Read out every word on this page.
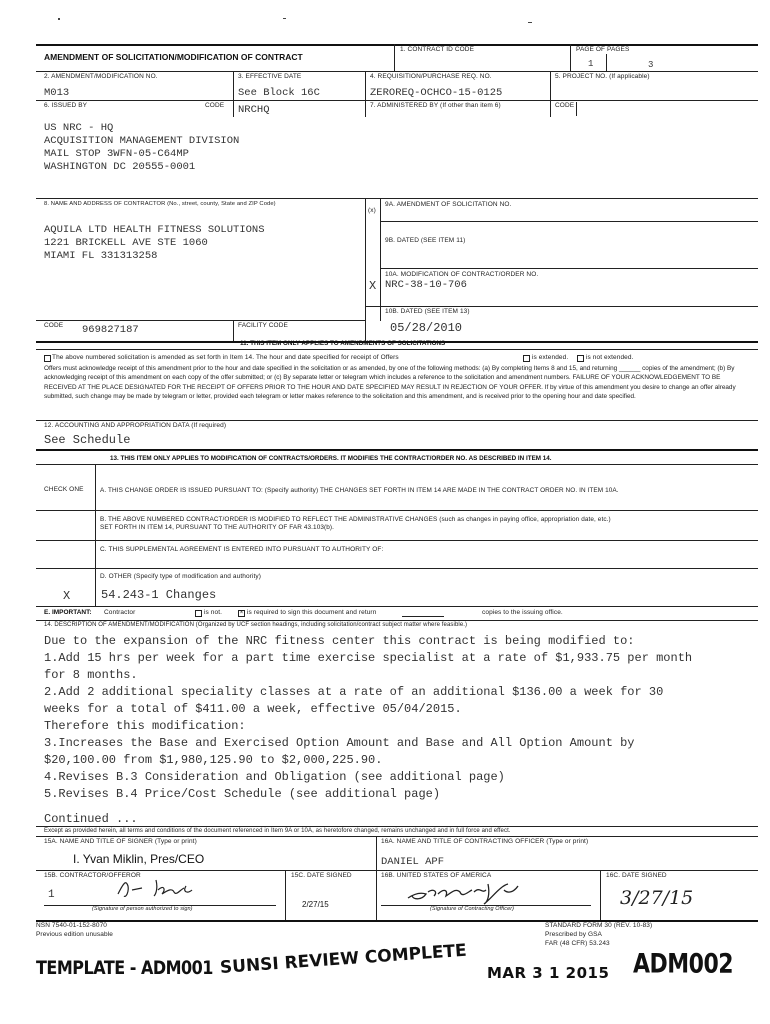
AMENDMENT OF SOLICITATION/MODIFICATION OF CONTRACT
1. CONTRACT ID CODE	PAGE OF PAGES
1	3
2. AMENDMENT/MODIFICATION NO.
M013
3. EFFECTIVE DATE
See Block 16C
4. REQUISITION/PURCHASE REQ. NO.
ZEROREQ-OCHCO-15-0125
5. PROJECT NO. (If applicable)
6. ISSUED BY	CODE NRCHQ	7. ADMINISTERED BY (If other than item 6)	CODE
US NRC - HQ
ACQUISITION MANAGEMENT DIVISION
MAIL STOP 3WFN-05-C64MP
WASHINGTON DC 20555-0001
8. NAME AND ADDRESS OF CONTRACTOR (No., street, county, State and ZIP Code)
AQUILA LTD HEALTH FITNESS SOLUTIONS
1221 BRICKELL AVE STE 1060
MIAMI FL 331313258
(x)
9A. AMENDMENT OF SOLICITATION NO.
9B. DATED (SEE ITEM 11)
X
10A. MODIFICATION OF CONTRACT/ORDER NO.
NRC-38-10-706
10B. DATED (SEE ITEM 13)
05/28/2010
CODE 969827187	FACILITY CODE
11. THIS ITEM ONLY APPLIES TO AMENDMENTS OF SOLICITATIONS
The above numbered solicitation is amended as set forth in Item 14. The hour and date specified for receipt of Offers	is extended.	is not extended.
Offers must acknowledge receipt of this amendment prior to the hour and date specified in the solicitation or as amended, by one of the following methods: (a) By completing Items 8 and 15, and returning ______ copies of the amendment; (b) By acknowledging receipt of this amendment on each copy of the offer submitted; or (c) By separate letter or telegram which includes a reference to the solicitation and amendment numbers. FAILURE OF YOUR ACKNOWLEDGEMENT TO BE RECEIVED AT THE PLACE DESIGNATED FOR THE RECEIPT OF OFFERS PRIOR TO THE HOUR AND DATE SPECIFIED MAY RESULT IN REJECTION OF YOUR OFFER. If by virtue of this amendment you desire to change an offer already submitted, such change may be made by telegram or letter, provided each telegram or letter makes reference to the solicitation and this amendment, and is received prior to the opening hour and date specified.
12. ACCOUNTING AND APPROPRIATION DATA (If required)
See Schedule
13. THIS ITEM ONLY APPLIES TO MODIFICATION OF CONTRACTS/ORDERS. IT MODIFIES THE CONTRACT/ORDER NO. AS DESCRIBED IN ITEM 14.
CHECK ONE	A. THIS CHANGE ORDER IS ISSUED PURSUANT TO: (Specify authority) THE CHANGES SET FORTH IN ITEM 14 ARE MADE IN THE CONTRACT ORDER NO. IN ITEM 10A.
B. THE ABOVE NUMBERED CONTRACT/ORDER IS MODIFIED TO REFLECT THE ADMINISTRATIVE CHANGES (such as changes in paying office, appropriation date, etc.) SET FORTH IN ITEM 14, PURSUANT TO THE AUTHORITY OF FAR 43.103(b).
C. THIS SUPPLEMENTAL AGREEMENT IS ENTERED INTO PURSUANT TO AUTHORITY OF:
D. OTHER (Specify type of modification and authority)
X	54.243-1 Changes
E. IMPORTANT: Contractor	is not.	× is required to sign this document and return	copies to the issuing office.
14. DESCRIPTION OF AMENDMENT/MODIFICATION (Organized by UCF section headings, including solicitation/contract subject matter where feasible.)
Due to the expansion of the NRC fitness center this contract is being modified to:
1.Add 15 hrs per week for a part time exercise specialist at a rate of $1,933.75 per month
for 8 months.
2.Add 2 additional speciality classes at a rate of an additional $136.00 a week for 30
weeks for a total of $411.00 a week, effective 05/04/2015.
Therefore this modification:
3.Increases the Base and Exercised Option Amount and Base and All Option Amount by
$20,100.00 from $1,980,125.90 to $2,000,225.90.
4.Revises B.3 Consideration and Obligation (see additional page)
5.Revises B.4 Price/Cost Schedule (see additional page)
Continued ...
Except as provided herein, all terms and conditions of the document referenced in Item 9A or 10A, as heretofore changed, remains unchanged and in full force and effect.
15A. NAME AND TITLE OF SIGNER (Type or print)
I. Yvan Miklin, Pres/CEO
16A. NAME AND TITLE OF CONTRACTING OFFICER (Type or print)
DANIEL APF
15B. CONTRACTOR/OFFEROR
1
(Signature of person authorized to sign)
15C. DATE SIGNED
2/27/15
16B. UNITED STATES OF AMERICA
(Signature of Contracting Officer)
16C. DATE SIGNED
3/27/15
NSN 7540-01-152-8070
Previous edition unusable
STANDARD FORM 30 (REV. 10-83)
Prescribed by GSA
FAR (48 CFR) 53.243
TEMPLATE - ADM001 SUNSI REVIEW COMPLETE MAR 3 1 2015 ADM002
